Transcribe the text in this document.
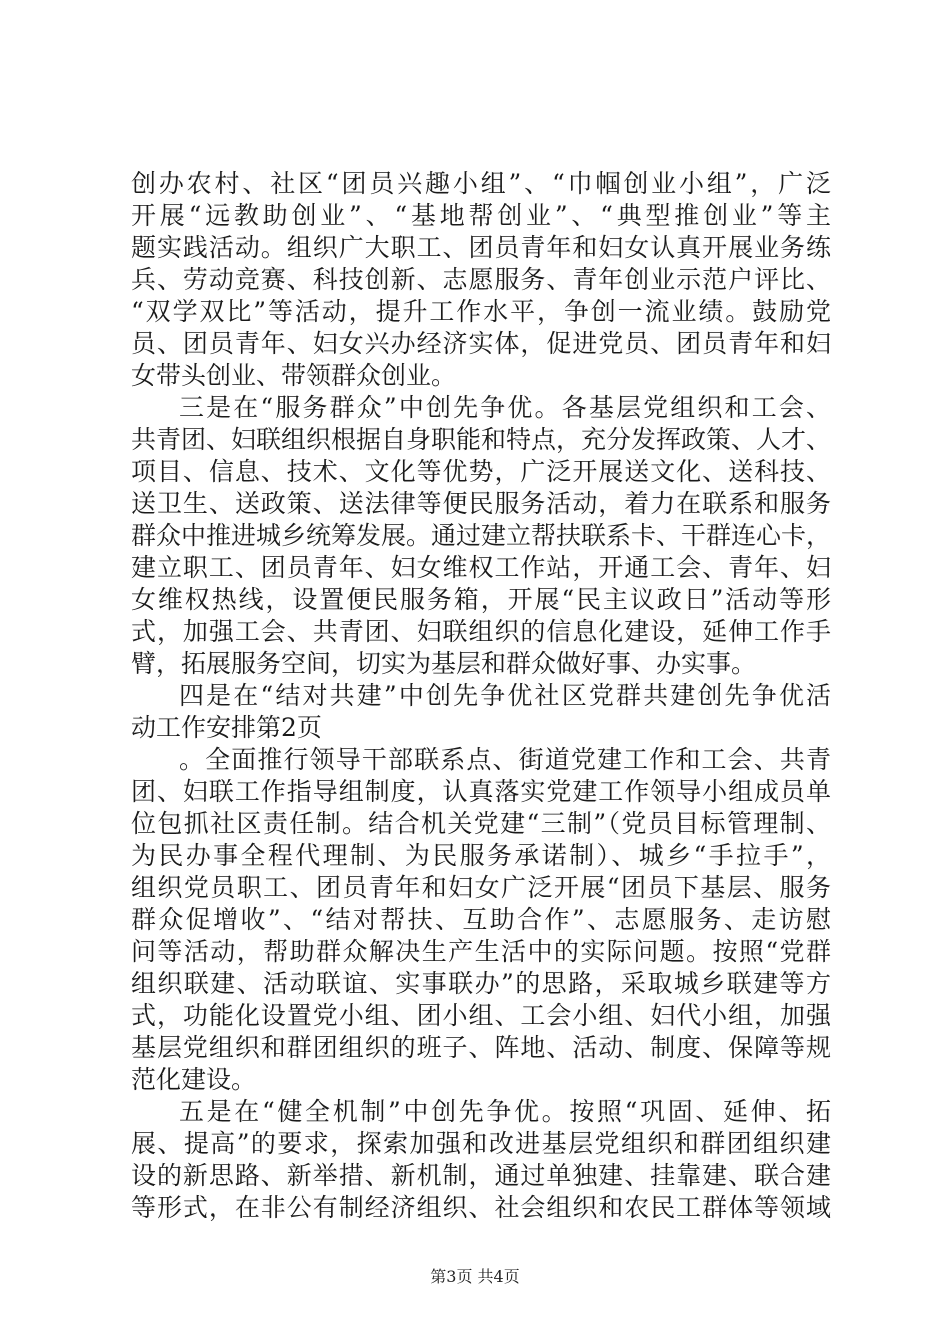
创办农村、社区“团员兴趣小组”、“巾帼创业小组”，广泛
开展“远教助创业”、“基地帮创业”、“典型推创业”等主
题实践活动。组织广大职工、团员青年和妇女认真开展业务练
兵、劳动竞赛、科技创新、志愿服务、青年创业示范户评比、
“双学双比”等活动，提升工作水平，争创一流业绩。鼓励党
员、团员青年、妇女兴办经济实体，促进党员、团员青年和妇
女带头创业、带领群众创业。
三是在“服务群众”中创先争优。各基层党组织和工会、
共青团、妇联组织根据自身职能和特点，充分发挥政策、人才、
项目、信息、技术、文化等优势，广泛开展送文化、送科技、
送卫生、送政策、送法律等便民服务活动，着力在联系和服务
群众中推进城乡统筹发展。通过建立帮扶联系卡、干群连心卡，
建立职工、团员青年、妇女维权工作站，开通工会、青年、妇
女维权热线，设置便民服务箱，开展“民主议政日”活动等形
式，加强工会、共青团、妇联组织的信息化建设，延伸工作手
臂，拓展服务空间，切实为基层和群众做好事、办实事。
四是在“结对共建”中创先争优社区党群共建创先争优活
动工作安排第2页
。全面推行领导干部联系点、街道党建工作和工会、共青
团、妇联工作指导组制度，认真落实党建工作领导小组成员单
位包抓社区责任制。结合机关党建“三制”（党员目标管理制、
为民办事全程代理制、为民服务承诺制）、城乡“手拉手”，
组织党员职工、团员青年和妇女广泛开展“团员下基层、服务
群众促增收”、“结对帮扶、互助合作”、志愿服务、走访慰
问等活动，帮助群众解决生产生活中的实际问题。按照“党群
组织联建、活动联谊、实事联办”的思路，采取城乡联建等方
式，功能化设置党小组、团小组、工会小组、妇代小组，加强
基层党组织和群团组织的班子、阵地、活动、制度、保障等规
范化建设。
五是在“健全机制”中创先争优。按照“巩固、延伸、拓
展、提高”的要求，探索加强和改进基层党组织和群团组织建
设的新思路、新举措、新机制，通过单独建、挂靠建、联合建
等形式，在非公有制经济组织、社会组织和农民工群体等领域
第3页 共4页
